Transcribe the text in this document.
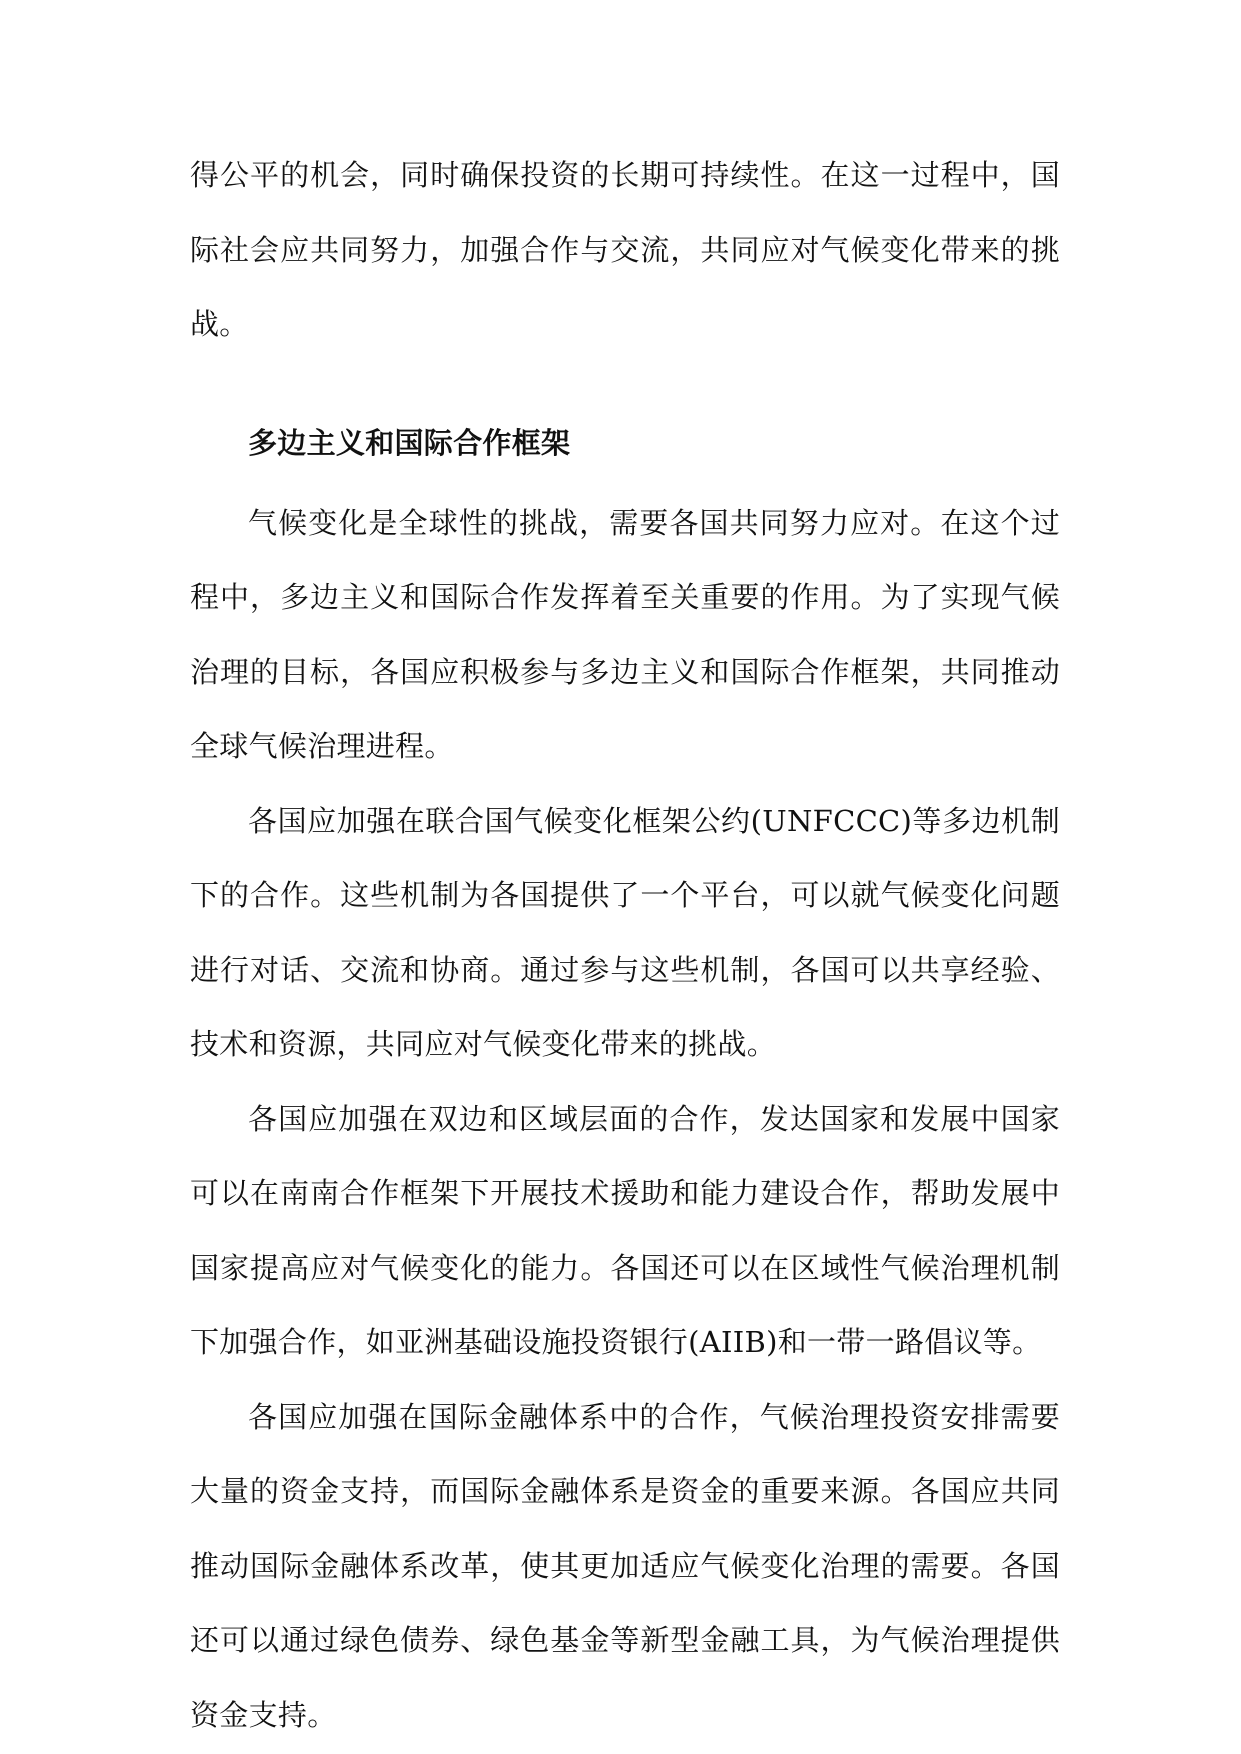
得公平的机会，同时确保投资的长期可持续性。在这一过程中，国际社会应共同努力，加强合作与交流，共同应对气候变化带来的挑战。

多边主义和国际合作框架

气候变化是全球性的挑战，需要各国共同努力应对。在这个过程中，多边主义和国际合作发挥着至关重要的作用。为了实现气候治理的目标，各国应积极参与多边主义和国际合作框架，共同推动全球气候治理进程。

各国应加强在联合国气候变化框架公约(UNFCCC)等多边机制下的合作。这些机制为各国提供了一个平台，可以就气候变化问题进行对话、交流和协商。通过参与这些机制，各国可以共享经验、技术和资源，共同应对气候变化带来的挑战。

各国应加强在双边和区域层面的合作，发达国家和发展中国家可以在南南合作框架下开展技术援助和能力建设合作，帮助发展中国家提高应对气候变化的能力。各国还可以在区域性气候治理机制下加强合作，如亚洲基础设施投资银行(AIIB)和一带一路倡议等。

各国应加强在国际金融体系中的合作，气候治理投资安排需要大量的资金支持，而国际金融体系是资金的重要来源。各国应共同推动国际金融体系改革，使其更加适应气候变化治理的需要。各国还可以通过绿色债券、绿色基金等新型金融工具，为气候治理提供资金支持。
